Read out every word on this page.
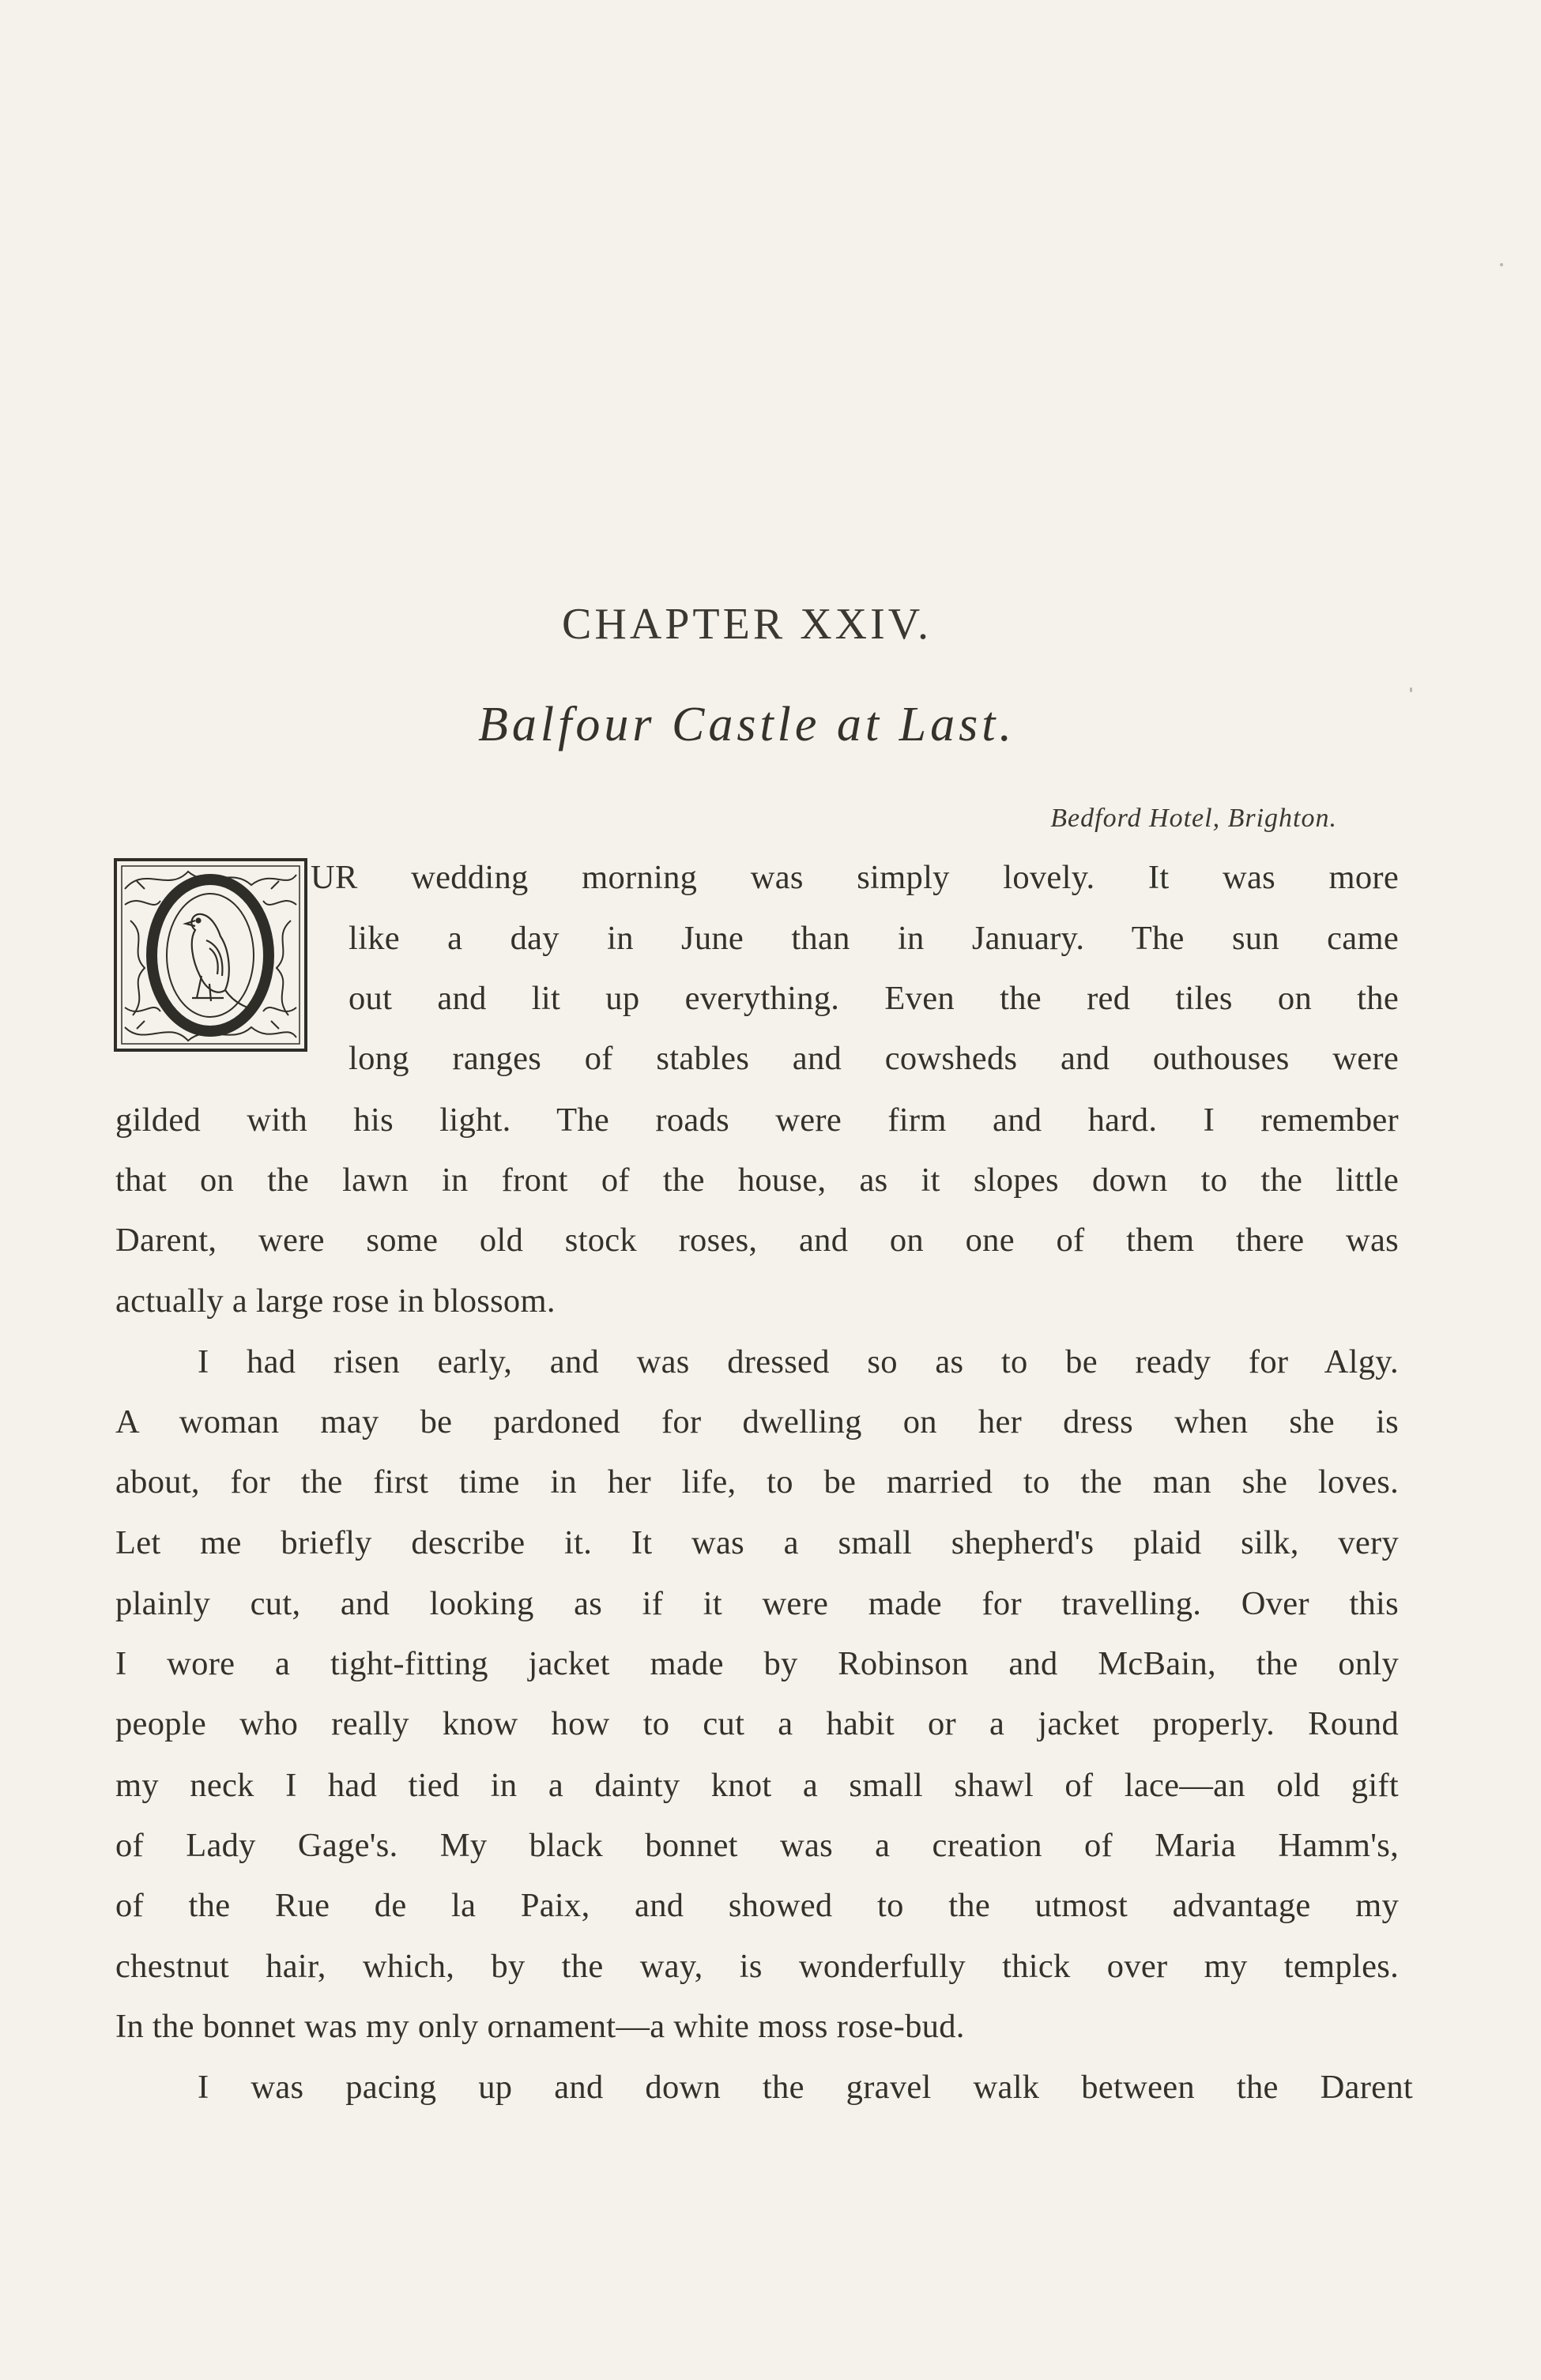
CHAPTER XXIV.
Balfour Castle at Last.
Bedford Hotel, Brighton.
UR wedding morning was simply lovely. It was more
like a day in June than in January. The sun came
out and lit up everything. Even the red tiles on the
long ranges of stables and cowsheds and outhouses were
gilded with his light. The roads were firm and hard. I remember
that on the lawn in front of the house, as it slopes down to the little
Darent, were some old stock roses, and on one of them there was
actually a large rose in blossom.
I had risen early, and was dressed so as to be ready for Algy.
A woman may be pardoned for dwelling on her dress when she is
about, for the first time in her life, to be married to the man she loves.
Let me briefly describe it. It was a small shepherd's plaid silk, very
plainly cut, and looking as if it were made for travelling. Over this
I wore a tight-fitting jacket made by Robinson and McBain, the only
people who really know how to cut a habit or a jacket properly. Round
my neck I had tied in a dainty knot a small shawl of lace—an old gift
of Lady Gage's. My black bonnet was a creation of Maria Hamm's,
of the Rue de la Paix, and showed to the utmost advantage my
chestnut hair, which, by the way, is wonderfully thick over my temples.
In the bonnet was my only ornament—a white moss rose-bud.
I was pacing up and down the gravel walk between the Darent
